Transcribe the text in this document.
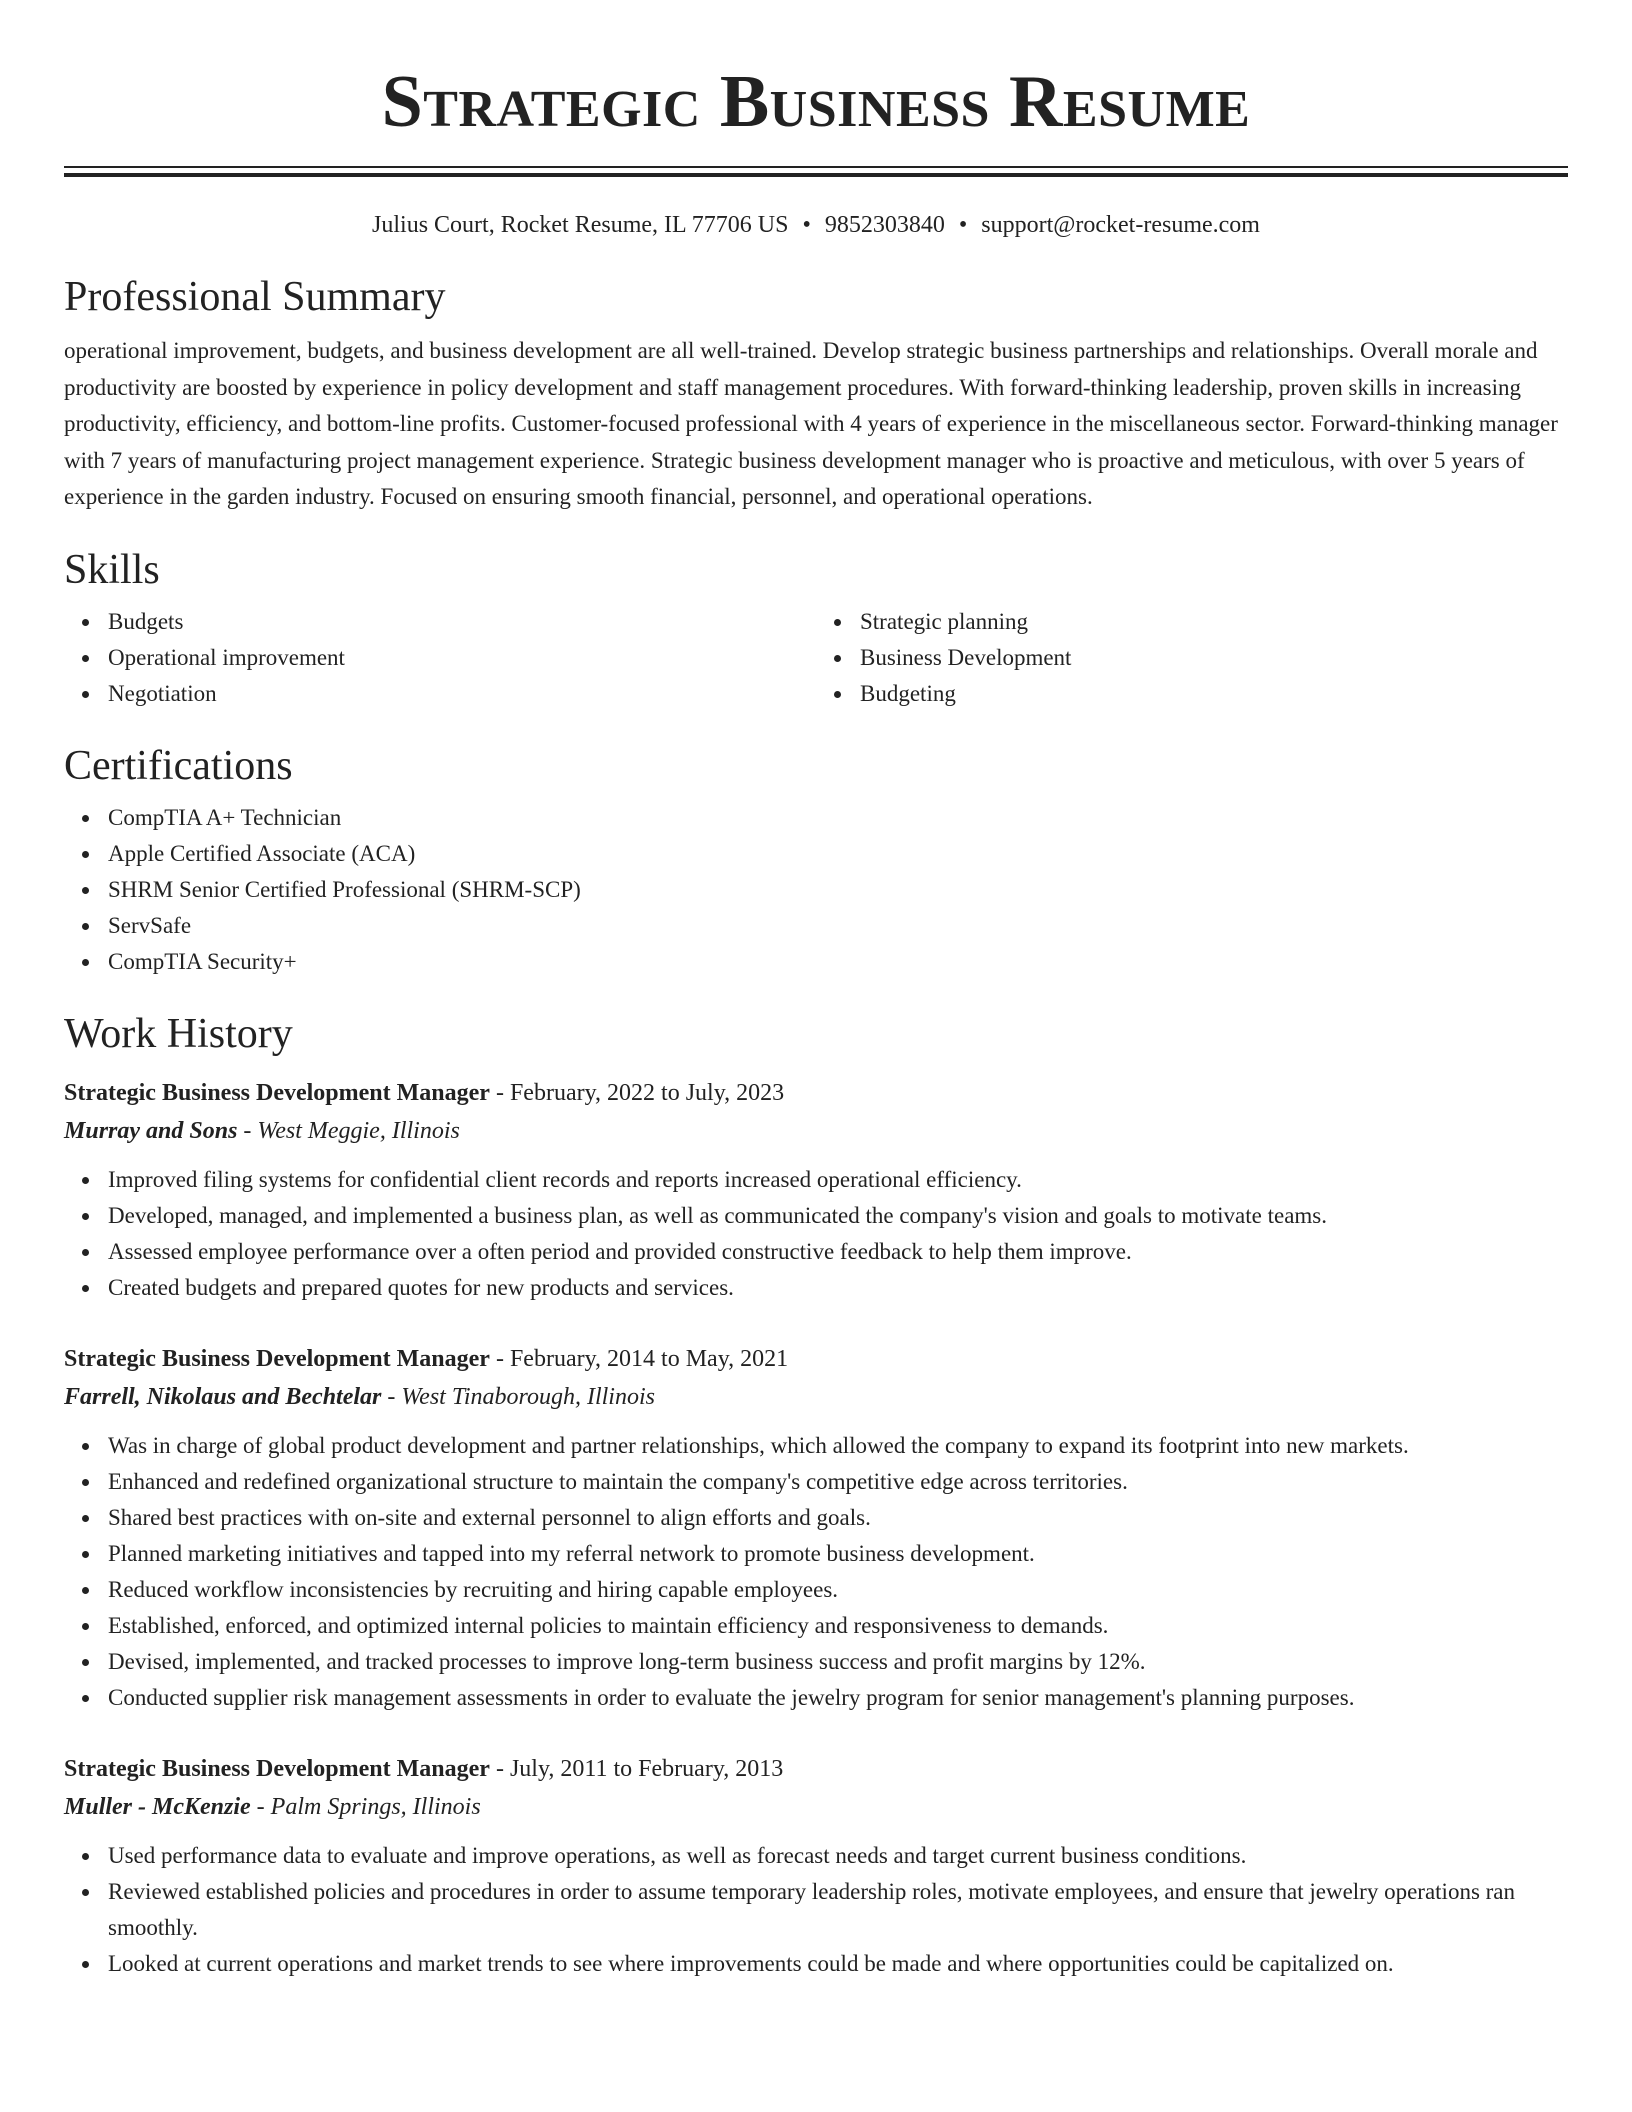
Strategic Business Resume
Julius Court, Rocket Resume, IL 77706 US • 9852303840 • support@rocket-resume.com
Professional Summary

operational improvement, budgets, and business development are all well-trained. Develop strategic business partnerships and relationships. Overall morale and productivity are boosted by experience in policy development and staff management procedures. With forward-thinking leadership, proven skills in increasing productivity, efficiency, and bottom-line profits. Customer-focused professional with 4 years of experience in the miscellaneous sector. Forward-thinking manager with 7 years of manufacturing project management experience. Strategic business development manager who is proactive and meticulous, with over 5 years of experience in the garden industry. Focused on ensuring smooth financial, personnel, and operational operations.

Skills
Budgets
Operational improvement
Negotiation
Strategic planning
Business Development
Budgeting
Certifications
CompTIA A+ Technician
Apple Certified Associate (ACA)
SHRM Senior Certified Professional (SHRM-SCP)
ServSafe
CompTIA Security+
Work History
Strategic Business Development Manager - February, 2022 to July, 2023
Murray and Sons - West Meggie, Illinois
Improved filing systems for confidential client records and reports increased operational efficiency.
Developed, managed, and implemented a business plan, as well as communicated the company's vision and goals to motivate teams.
Assessed employee performance over a often period and provided constructive feedback to help them improve.
Created budgets and prepared quotes for new products and services.
Strategic Business Development Manager - February, 2014 to May, 2021
Farrell, Nikolaus and Bechtelar - West Tinaborough, Illinois
Was in charge of global product development and partner relationships, which allowed the company to expand its footprint into new markets.
Enhanced and redefined organizational structure to maintain the company's competitive edge across territories.
Shared best practices with on-site and external personnel to align efforts and goals.
Planned marketing initiatives and tapped into my referral network to promote business development.
Reduced workflow inconsistencies by recruiting and hiring capable employees.
Established, enforced, and optimized internal policies to maintain efficiency and responsiveness to demands.
Devised, implemented, and tracked processes to improve long-term business success and profit margins by 12%.
Conducted supplier risk management assessments in order to evaluate the jewelry program for senior management's planning purposes.
Strategic Business Development Manager - July, 2011 to February, 2013
Muller - McKenzie - Palm Springs, Illinois
Used performance data to evaluate and improve operations, as well as forecast needs and target current business conditions.
Reviewed established policies and procedures in order to assume temporary leadership roles, motivate employees, and ensure that jewelry operations ran smoothly.
Looked at current operations and market trends to see where improvements could be made and where opportunities could be capitalized on.
